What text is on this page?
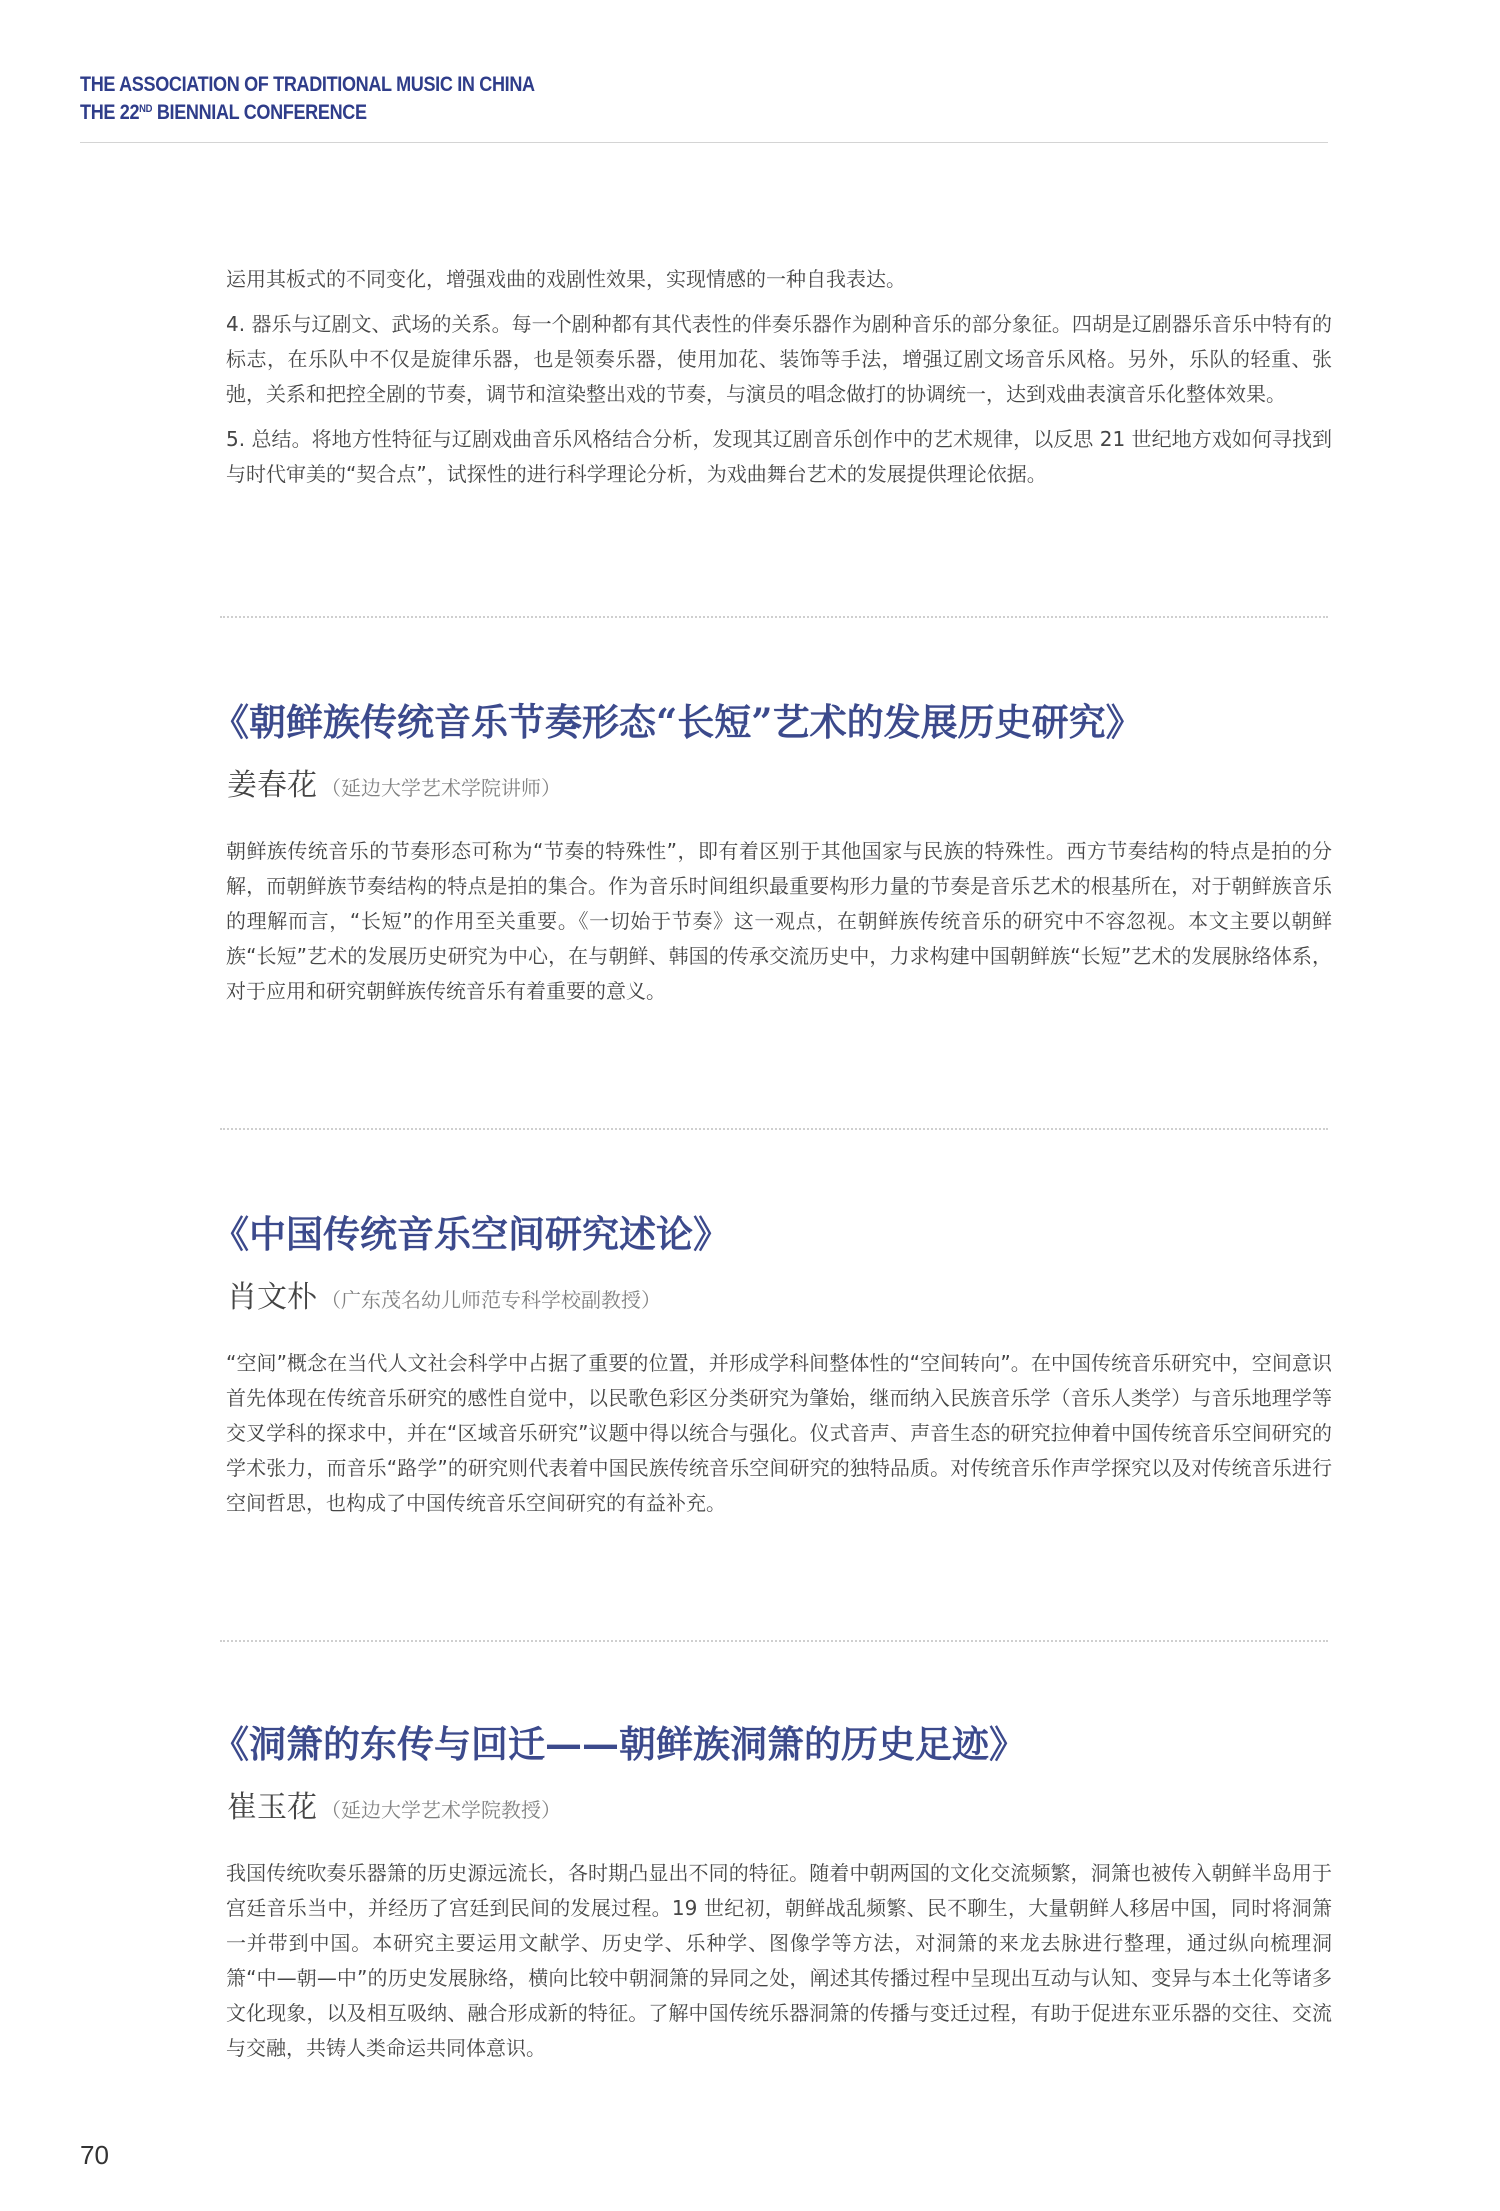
THE ASSOCIATION OF TRADITIONAL MUSIC IN CHINA
THE 22ND BIENNIAL CONFERENCE

运用其板式的不同变化，增强戏曲的戏剧性效果，实现情感的一种自我表达。

4. 器乐与辽剧文、武场的关系。每一个剧种都有其代表性的伴奏乐器作为剧种音乐的部分象征。四胡是辽剧器乐音乐中特有的标志，在乐队中不仅是旋律乐器，也是领奏乐器，使用加花、装饰等手法，增强辽剧文场音乐风格。另外，乐队的轻重、张弛，关系和把控全剧的节奏，调节和渲染整出戏的节奏，与演员的唱念做打的协调统一，达到戏曲表演音乐化整体效果。

5. 总结。将地方性特征与辽剧戏曲音乐风格结合分析，发现其辽剧音乐创作中的艺术规律，以反思 21 世纪地方戏如何寻找到与时代审美的“契合点”，试探性的进行科学理论分析，为戏曲舞台艺术的发展提供理论依据。

《朝鲜族传统音乐节奏形态“长短”艺术的发展历史研究》
姜春花 （延边大学艺术学院讲师）

朝鲜族传统音乐的节奏形态可称为“节奏的特殊性”，即有着区别于其他国家与民族的特殊性。西方节奏结构的特点是拍的分解，而朝鲜族节奏结构的特点是拍的集合。作为音乐时间组织最重要构形力量的节奏是音乐艺术的根基所在，对于朝鲜族音乐的理解而言，“长短”的作用至关重要。《一切始于节奏》这一观点，在朝鲜族传统音乐的研究中不容忽视。本文主要以朝鲜族“长短”艺术的发展历史研究为中心，在与朝鲜、韩国的传承交流历史中，力求构建中国朝鲜族“长短”艺术的发展脉络体系，对于应用和研究朝鲜族传统音乐有着重要的意义。

《中国传统音乐空间研究述论》
肖文朴 （广东茂名幼儿师范专科学校副教授）

“空间”概念在当代人文社会科学中占据了重要的位置，并形成学科间整体性的“空间转向”。在中国传统音乐研究中，空间意识首先体现在传统音乐研究的感性自觉中，以民歌色彩区分类研究为肇始，继而纳入民族音乐学（音乐人类学）与音乐地理学等交叉学科的探求中，并在“区域音乐研究”议题中得以统合与强化。仪式音声、声音生态的研究拉伸着中国传统音乐空间研究的学术张力，而音乐“路学”的研究则代表着中国民族传统音乐空间研究的独特品质。对传统音乐作声学探究以及对传统音乐进行空间哲思，也构成了中国传统音乐空间研究的有益补充。

《洞箫的东传与回迁——朝鲜族洞箫的历史足迹》
崔玉花 （延边大学艺术学院教授）

我国传统吹奏乐器箫的历史源远流长，各时期凸显出不同的特征。随着中朝两国的文化交流频繁，洞箫也被传入朝鲜半岛用于宫廷音乐当中，并经历了宫廷到民间的发展过程。19 世纪初，朝鲜战乱频繁、民不聊生，大量朝鲜人移居中国，同时将洞箫一并带到中国。本研究主要运用文献学、历史学、乐种学、图像学等方法，对洞箫的来龙去脉进行整理，通过纵向梳理洞箫“中—朝—中”的历史发展脉络，横向比较中朝洞箫的异同之处，阐述其传播过程中呈现出互动与认知、变异与本土化等诸多文化现象，以及相互吸纳、融合形成新的特征。了解中国传统乐器洞箫的传播与变迁过程，有助于促进东亚乐器的交往、交流与交融，共铸人类命运共同体意识。

70
